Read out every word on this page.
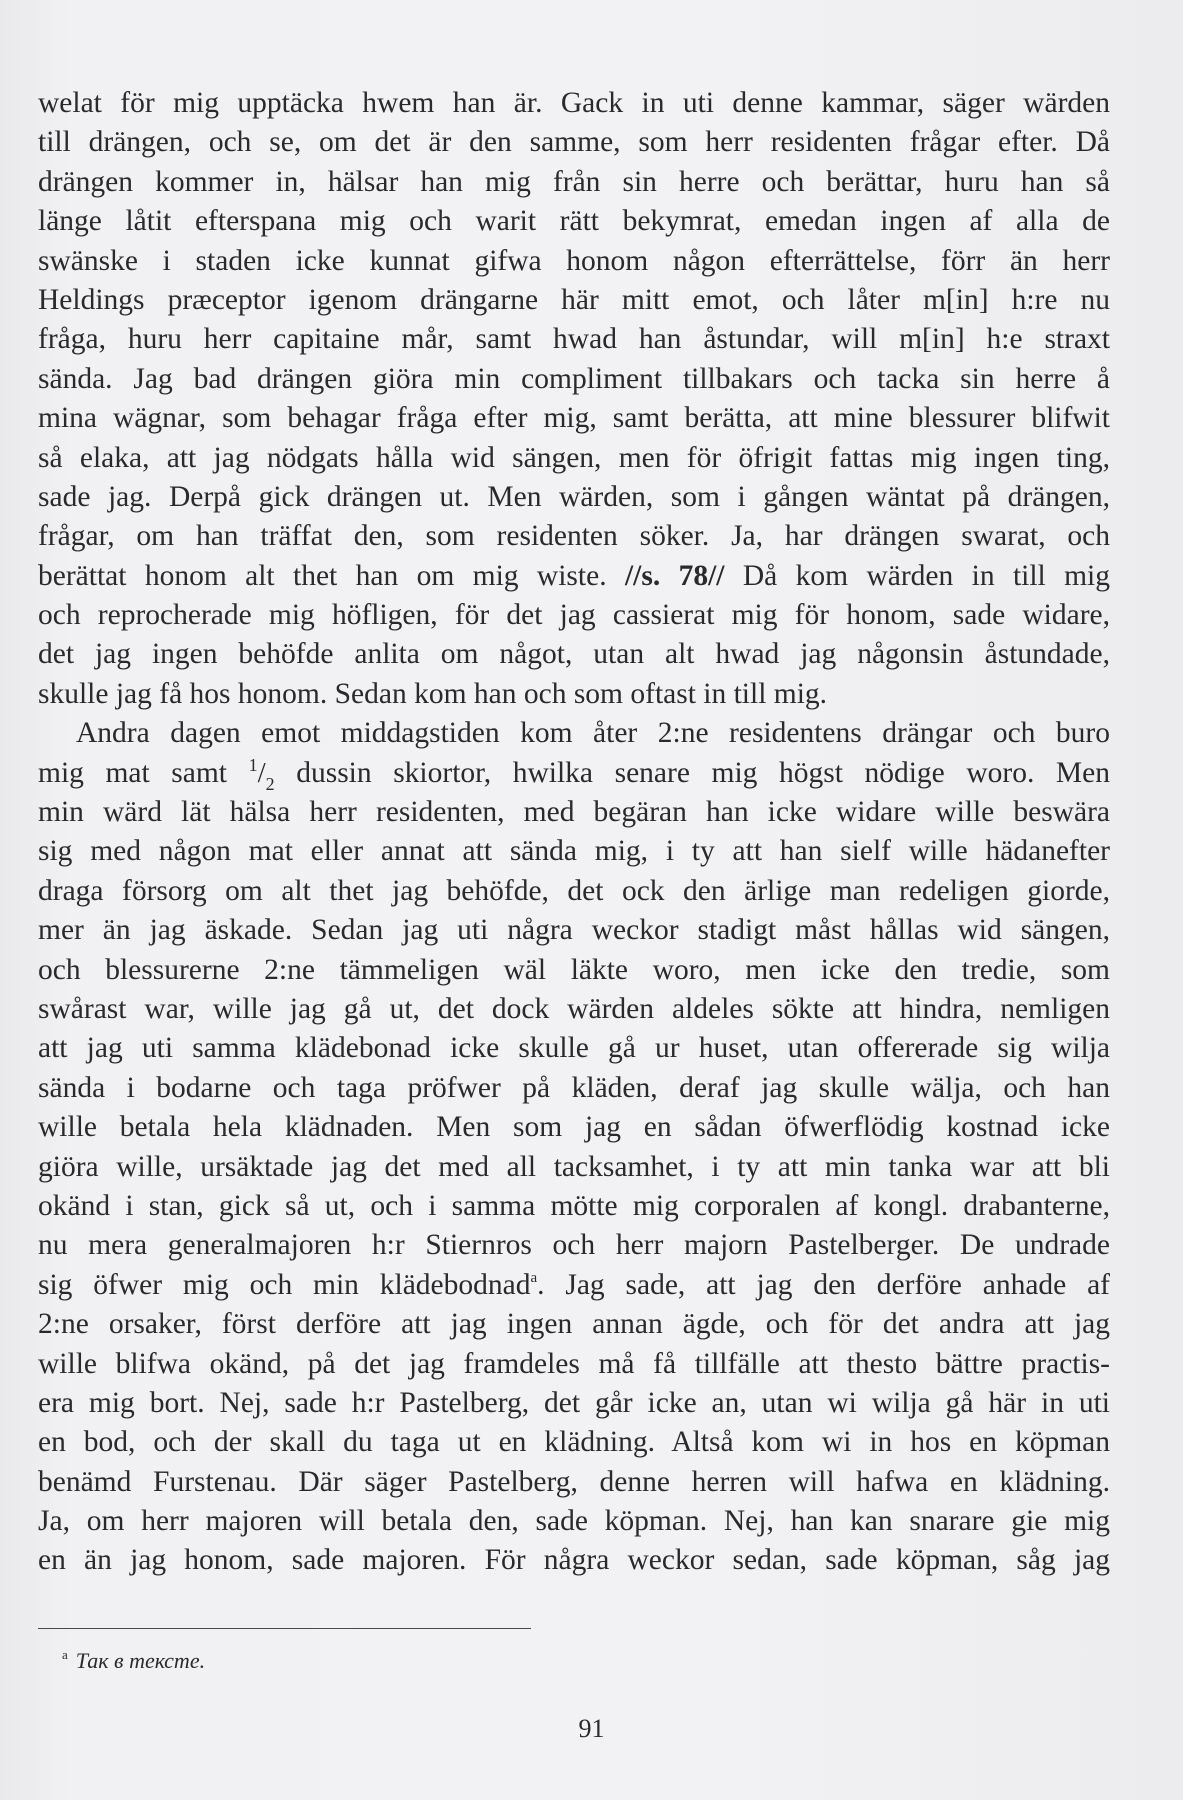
welat för mig upptäcka hwem han är. Gack in uti denne kammar, säger wärden
till drängen, och se, om det är den samme, som herr residenten frågar efter. Då
drängen kommer in, hälsar han mig från sin herre och berättar, huru han så
länge låtit efterspana mig och warit rätt bekymrat, emedan ingen af alla de
swänske i staden icke kunnat gifwa honom någon efterrättelse, förr än herr
Heldings præceptor igenom drängarne här mitt emot, och låter m[in] h:re nu
fråga, huru herr capitaine mår, samt hwad han åstundar, will m[in] h:e straxt
sända. Jag bad drängen giöra min compliment tillbakars och tacka sin herre å
mina wägnar, som behagar fråga efter mig, samt berätta, att mine blessurer blifwit
så elaka, att jag nödgats hålla wid sängen, men för öfrigit fattas mig ingen ting,
sade jag. Derpå gick drängen ut. Men wärden, som i gången wäntat på drängen,
frågar, om han träffat den, som residenten söker. Ja, har drängen swarat, och
berättat honom alt thet han om mig wiste. //s. 78// Då kom wärden in till mig
och reprocherade mig höfligen, för det jag cassierat mig för honom, sade widare,
det jag ingen behöfde anlita om något, utan alt hwad jag någonsin åstundade,
skulle jag få hos honom. Sedan kom han och som oftast in till mig.
Andra dagen emot middagstiden kom åter 2:ne residentens drängar och buro
mig mat samt $^1/_2$ dussin skiortor, hwilka senare mig högst nödige woro. Men
min wärd lät hälsa herr residenten, med begäran han icke widare wille beswära
sig med någon mat eller annat att sända mig, i ty att han sielf wille hädanefter
draga försorg om alt thet jag behöfde, det ock den ärlige man redeligen giorde,
mer än jag äskade. Sedan jag uti några weckor stadigt måst hållas wid sängen,
och blessurerne 2:ne tämmeligen wäl läkte woro, men icke den tredie, som
swårast war, wille jag gå ut, det dock wärden aldeles sökte att hindra, nemligen
att jag uti samma klädebonad icke skulle gå ur huset, utan offererade sig wilja
sända i bodarne och taga pröfwer på kläden, deraf jag skulle wälja, och han
wille betala hela klädnaden. Men som jag en sådan öfwerflödig kostnad icke
giöra wille, ursäktade jag det med all tacksamhet, i ty att min tanka war att bli
okänd i stan, gick så ut, och i samma mötte mig corporalen af kongl. drabanterne,
nu mera generalmajoren h:r Stiernros och herr majorn Pastelberger. De undrade
sig öfwer mig och min klädebodnad$^a$. Jag sade, att jag den derföre anhade af
2:ne orsaker, först derföre att jag ingen annan ägde, och för det andra att jag
wille blifwa okänd, på det jag framdeles må få tillfälle att thesto bättre practis-
era mig bort. Nej, sade h:r Pastelberg, det går icke an, utan wi wilja gå här in uti
en bod, och der skall du taga ut en klädning. Altså kom wi in hos en köpman
benämd Furstenau. Där säger Pastelberg, denne herren will hafwa en klädning.
Ja, om herr majoren will betala den, sade köpman. Nej, han kan snarare gie mig
en än jag honom, sade majoren. För några weckor sedan, sade köpman, såg jag
$^a$ Так в тексте.
91
